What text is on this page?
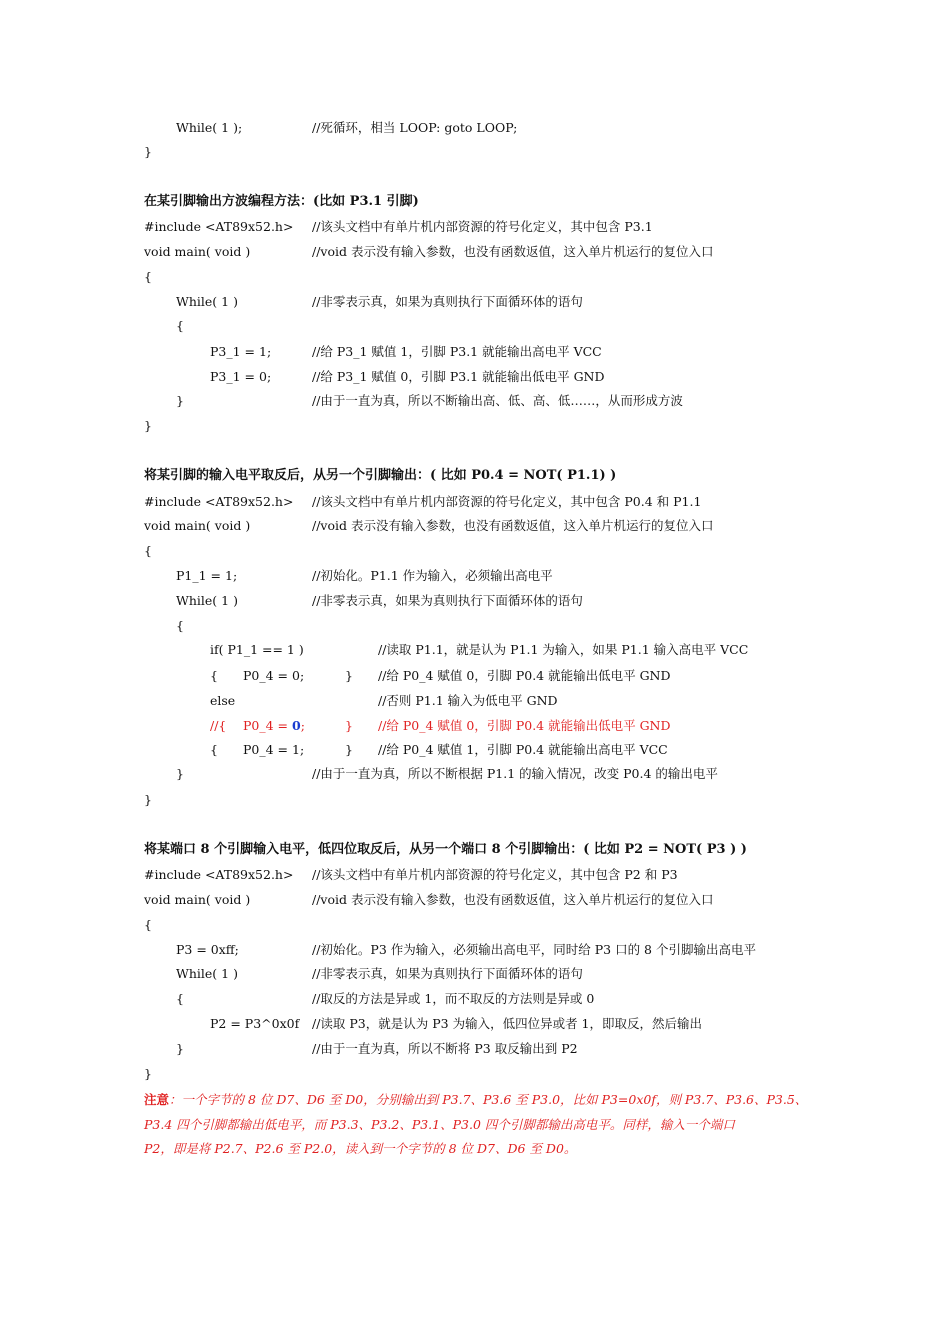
While( 1 );	//死循环，相当 LOOP: goto LOOP;
}
在某引脚输出方波编程方法：(比如 P3.1 引脚)
#include <AT89x52.h> //该头文档中有单片机内部资源的符号化定义，其中包含 P3.1
void main( void )	//void 表示没有输入参数，也没有函数返值，这入单片机运行的复位入口
{
While( 1 )	//非零表示真，如果为真则执行下面循环体的语句
{
P3_1 = 1;	//给 P3_1 赋值 1，引脚 P3.1 就能输出高电平 VCC
P3_1 = 0;	//给 P3_1 赋值 0，引脚 P3.1 就能输出低电平 GND
}	//由于一直为真，所以不断输出高、低、高、低……，从而形成方波
}
将某引脚的输入电平取反后，从另一个引脚输出：( 比如 P0.4 = NOT( P1.1) )
#include <AT89x52.h> //该头文档中有单片机内部资源的符号化定义，其中包含 P0.4 和 P1.1
void main( void )	//void 表示没有输入参数，也没有函数返值，这入单片机运行的复位入口
{
P1_1 = 1;	//初始化。P1.1 作为输入，必须输出高电平
While( 1 )	//非零表示真，如果为真则执行下面循环体的语句
{
if( P1_1 == 1 )	//读取 P1.1，就是认为 P1.1 为输入，如果 P1.1 输入高电平 VCC
{ P0_4 = 0;	} //给 P0_4 赋值 0，引脚 P0.4 就能输出低电平 GND
else	//否则 P1.1 输入为低电平 GND
//{ P0_4 = 0;	} //给 P0_4 赋值 0，引脚 P0.4 就能输出低电平 GND
{ P0_4 = 1;	} //给 P0_4 赋值 1，引脚 P0.4 就能输出高电平 VCC
}	//由于一直为真，所以不断根据 P1.1 的输入情况，改变 P0.4 的输出电平
}
将某端口 8 个引脚输入电平，低四位取反后，从另一个端口 8 个引脚输出：( 比如 P2 = NOT( P3 ) )
#include <AT89x52.h> //该头文档中有单片机内部资源的符号化定义，其中包含 P2 和 P3
void main( void )	//void 表示没有输入参数，也没有函数返值，这入单片机运行的复位入口
{
P3 = 0xff;	//初始化。P3 作为输入，必须输出高电平，同时给 P3 口的 8 个引脚输出高电平
While( 1 )	//非零表示真，如果为真则执行下面循环体的语句
{	//取反的方法是异或 1，而不取反的方法则是异或 0
P2 = P3^0x0f //读取 P3，就是认为 P3 为输入，低四位异或者 1，即取反，然后输出
}	//由于一直为真，所以不断将 P3 取反输出到 P2
}
注意：一个字节的 8 位 D7、D6 至 D0，分别输出到 P3.7、P3.6 至 P3.0，比如 P3=0x0f，则 P3.7、P3.6、P3.5、
P3.4 四个引脚都输出低电平，而 P3.3、P3.2、P3.1、P3.0 四个引脚都输出高电平。同样，输入一个端口
P2，即是将 P2.7、P2.6 至 P2.0，读入到一个字节的 8 位 D7、D6 至 D0。
